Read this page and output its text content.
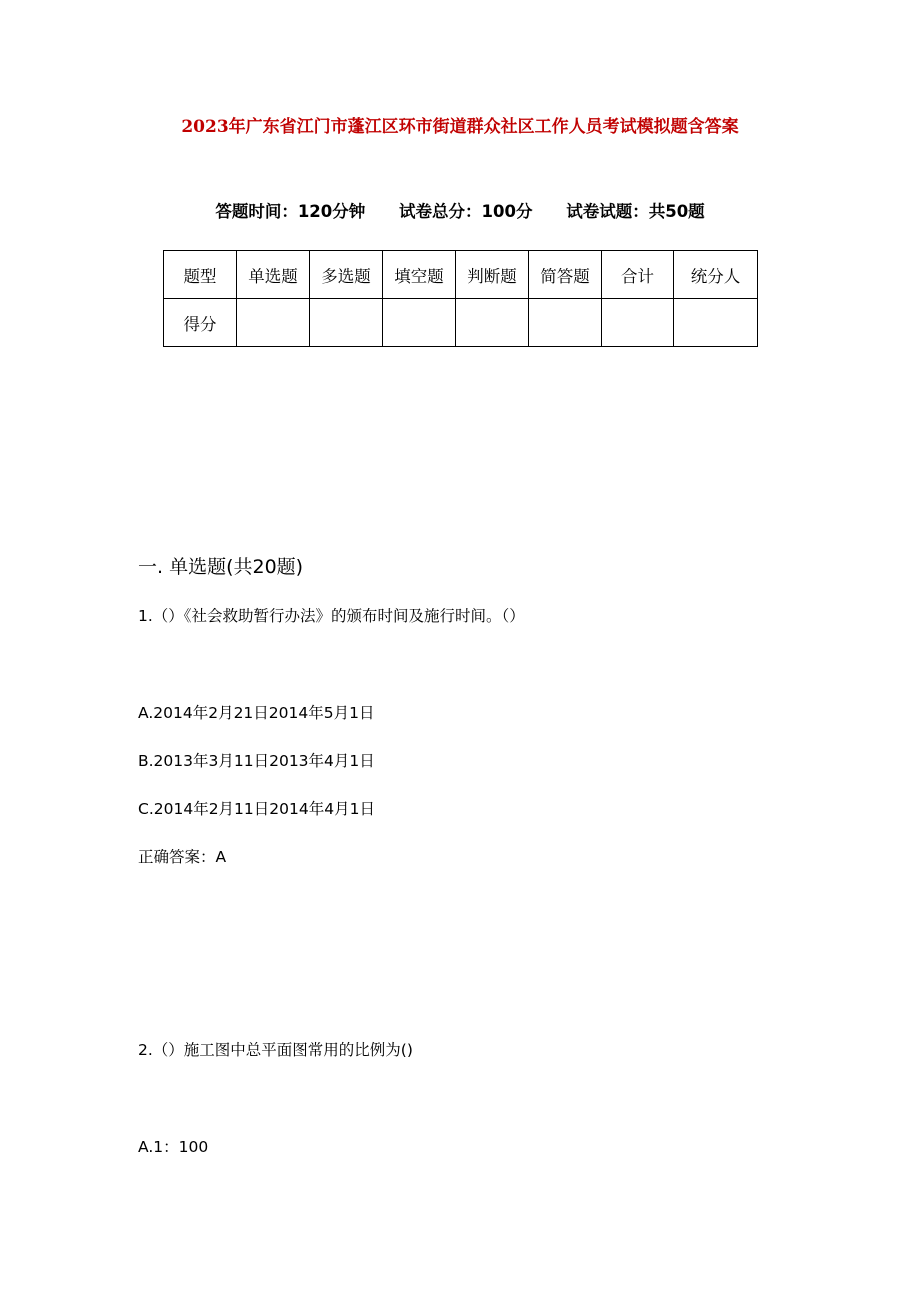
2023年广东省江门市蓬江区环市街道群众社区工作人员考试模拟题含答案
答题时间：120分钟 试卷总分：100分 试卷试题：共50题
题型	单选题	多选题	填空题	判断题	简答题	合计	统分人
得分							
一. 单选题(共20题)
1.（）《社会救助暂行办法》的颁布时间及施行时间。（）
A.2014年2月21日2014年5月1日
B.2013年3月11日2013年4月1日
C.2014年2月11日2014年4月1日
正确答案：A
2.（）施工图中总平面图常用的比例为()
A.1：100
